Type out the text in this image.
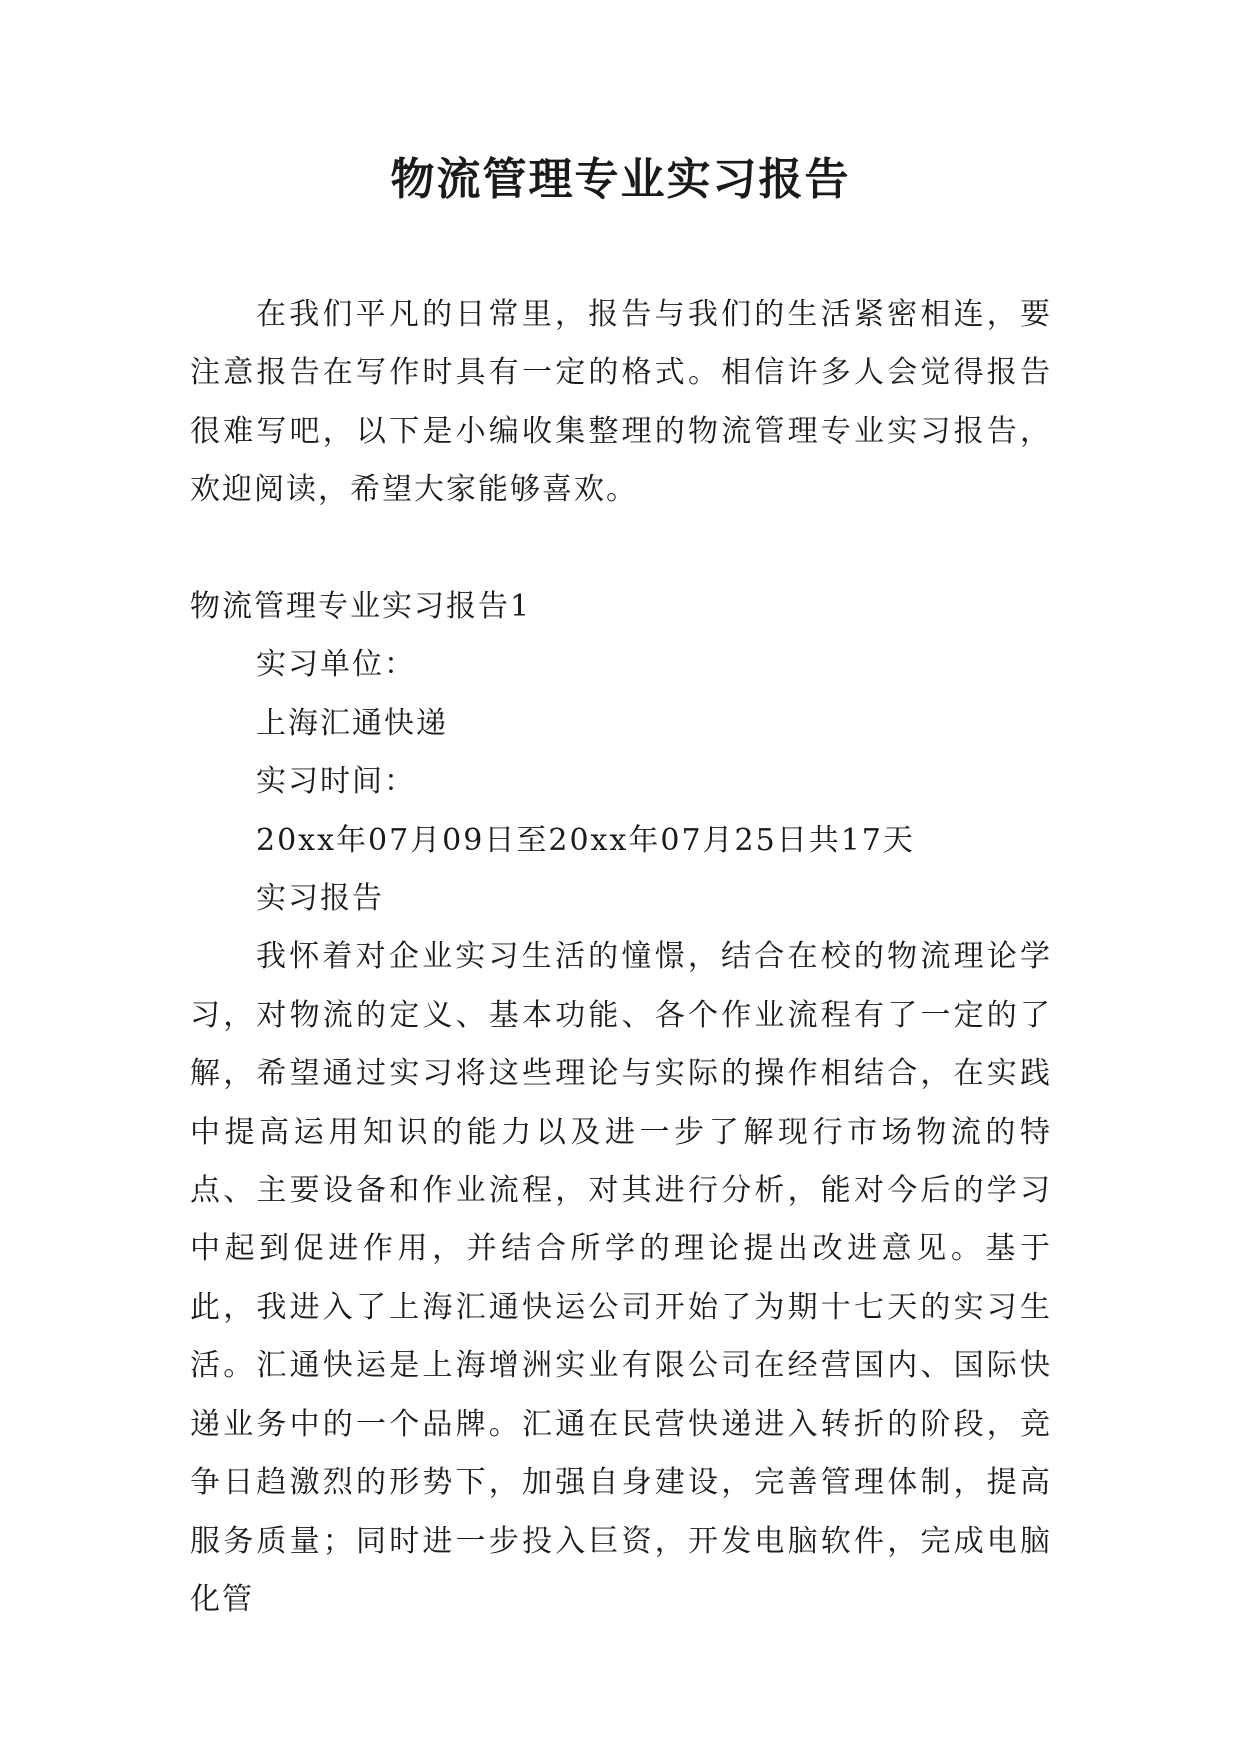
物流管理专业实习报告

在我们平凡的日常里，报告与我们的生活紧密相连，要注意报告在写作时具有一定的格式。相信许多人会觉得报告很难写吧，以下是小编收集整理的物流管理专业实习报告，欢迎阅读，希望大家能够喜欢。

物流管理专业实习报告1

实习单位：

上海汇通快递

实习时间：

20xx年07月09日至20xx年07月25日共17天

实习报告

我怀着对企业实习生活的憧憬，结合在校的物流理论学习，对物流的定义、基本功能、各个作业流程有了一定的了解，希望通过实习将这些理论与实际的操作相结合，在实践中提高运用知识的能力以及进一步了解现行市场物流的特点、主要设备和作业流程，对其进行分析，能对今后的学习中起到促进作用，并结合所学的理论提出改进意见。基于此，我进入了上海汇通快运公司开始了为期十七天的实习生活。汇通快运是上海增洲实业有限公司在经营国内、国际快递业务中的一个品牌。汇通在民营快递进入转折的阶段，竞争日趋激烈的形势下，加强自身建设，完善管理体制，提高服务质量；同时进一步投入巨资，开发电脑软件，完成电脑化管
